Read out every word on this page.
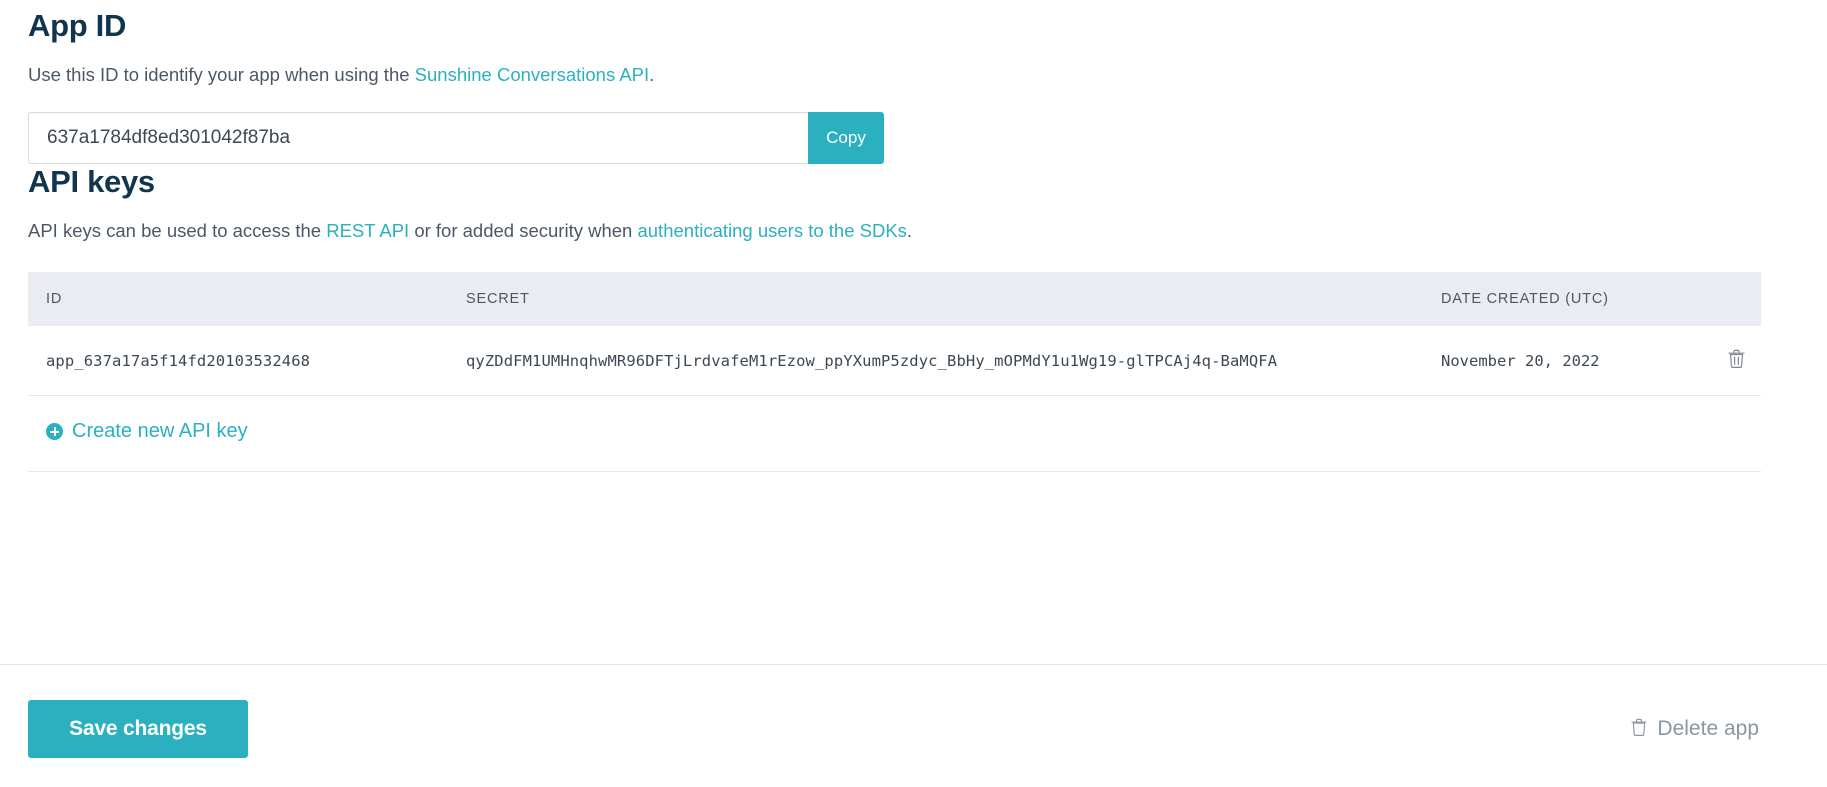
App ID

Use this ID to identify your app when using the Sunshine Conversations API.

637a1784df8ed301042f87ba
Copy
API keys

API keys can be used to access the REST API or for added security when authenticating users to the SDKs.

ID	SECRET	DATE CREATED (UTC)	
app_637a17a5f14fd20103532468	qyZDdFM1UMHnqhwMR96DFTjLrdvafeM1rEzow_ppYXumP5zdyc_BbHy_mOPMdY1u1Wg19-glTPCAj4q-BaMQFA	November 20, 2022	
Create new API key
Save changes	Delete app
